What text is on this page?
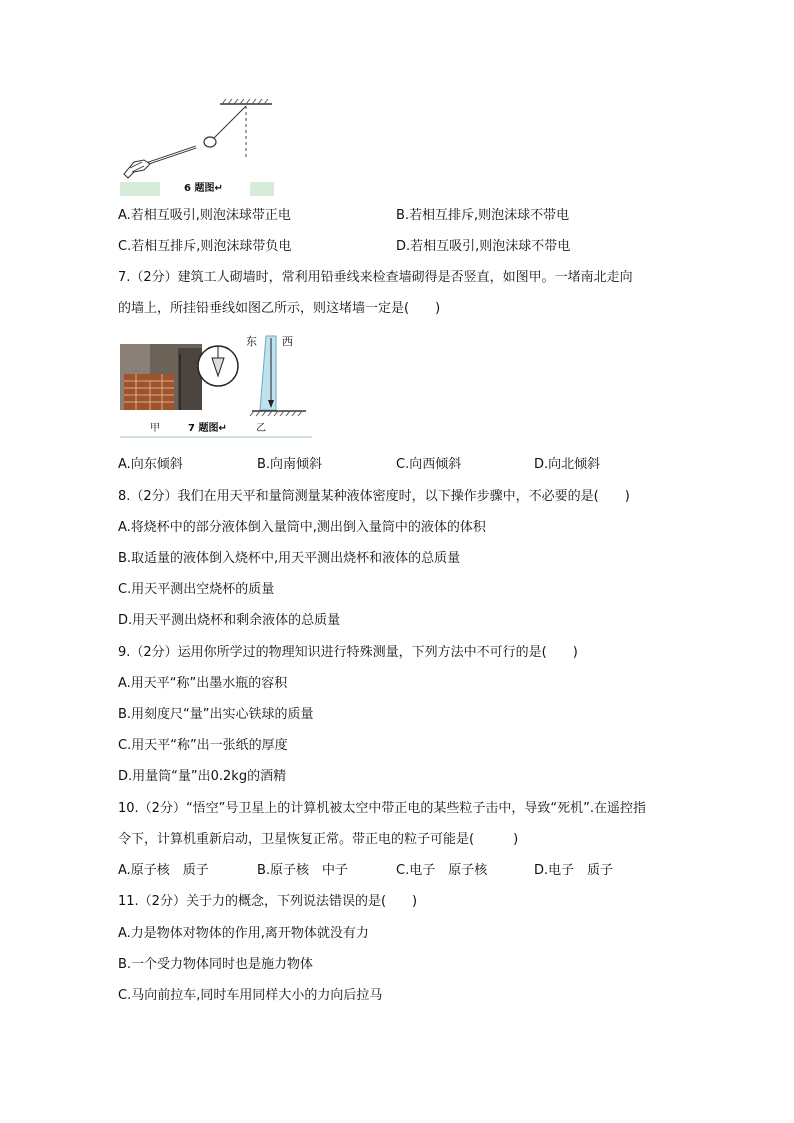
6 题图↵
A.若相互吸引,则泡沫球带正电	B.若相互排斥,则泡沫球不带电
C.若相互排斥,则泡沫球带负电	D.若相互吸引,则泡沫球不带电
7.（2分）建筑工人砌墙时，常利用铅垂线来检查墙砌得是否竖直，如图甲。一堵南北走向
的墙上，所挂铅垂线如图乙所示，则这堵墙一定是(　　)
东 西
甲	7 题图↵	乙
A.向东倾斜	B.向南倾斜	C.向西倾斜	D.向北倾斜
8.（2分）我们在用天平和量筒测量某种液体密度时，以下操作步骤中，不必要的是(　　)
A.将烧杯中的部分液体倒入量筒中,测出倒入量筒中的液体的体积
B.取适量的液体倒入烧杯中,用天平测出烧杯和液体的总质量
C.用天平测出空烧杯的质量
D.用天平测出烧杯和剩余液体的总质量
9.（2分）运用你所学过的物理知识进行特殊测量，下列方法中不可行的是(　　)
A.用天平“称”出墨水瓶的容积
B.用刻度尺“量”出实心铁球的质量
C.用天平“称”出一张纸的厚度
D.用量筒“量”出0.2kg的酒精
10.（2分）“悟空”号卫星上的计算机被太空中带正电的某些粒子击中，导致“死机”.在遥控指
令下，计算机重新启动，卫星恢复正常。带正电的粒子可能是(　　　)
A.原子核　质子	B.原子核　中子	C.电子　原子核	D.电子　质子
11.（2分）关于力的概念，下列说法错误的是(　　)
A.力是物体对物体的作用,离开物体就没有力
B.一个受力物体同时也是施力物体
C.马向前拉车,同时车用同样大小的力向后拉马
